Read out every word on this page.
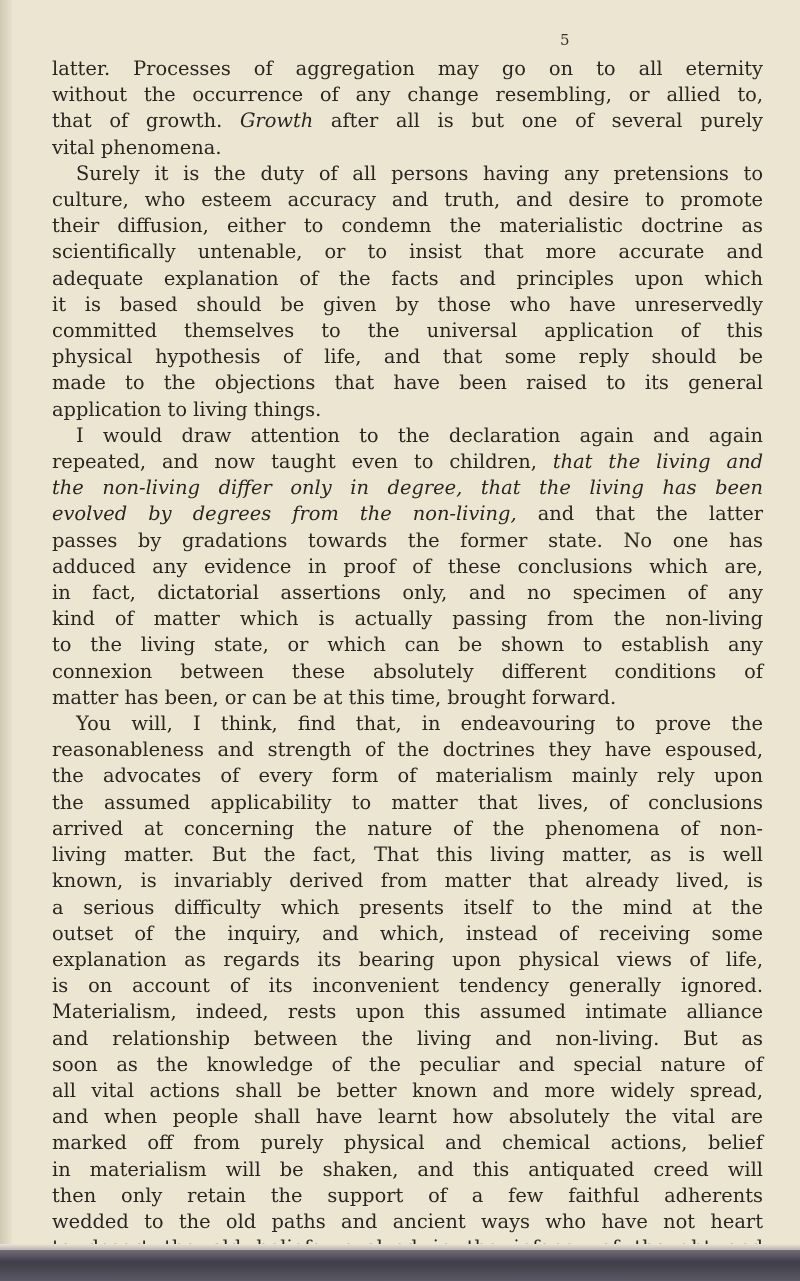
5
latter. Processes of aggregation may go on to all eternity
without the occurrence of any change resembling, or allied to,
that of growth. Growth after all is but one of several purely
vital phenomena.
Surely it is the duty of all persons having any pretensions to
culture, who esteem accuracy and truth, and desire to promote
their diffusion, either to condemn the materialistic doctrine as
scientifically untenable, or to insist that more accurate and
adequate explanation of the facts and principles upon which
it is based should be given by those who have unreservedly
committed themselves to the universal application of this
physical hypothesis of life, and that some reply should be
made to the objections that have been raised to its general
application to living things.
I would draw attention to the declaration again and again
repeated, and now taught even to children, that the living and
the non-living differ only in degree, that the living has been
evolved by degrees from the non-living, and that the latter
passes by gradations towards the former state. No one has
adduced any evidence in proof of these conclusions which are,
in fact, dictatorial assertions only, and no specimen of any
kind of matter which is actually passing from the non-living
to the living state, or which can be shown to establish any
connexion between these absolutely different conditions of
matter has been, or can be at this time, brought forward.
You will, I think, find that, in endeavouring to prove the
reasonableness and strength of the doctrines they have espoused,
the advocates of every form of materialism mainly rely upon
the assumed applicability to matter that lives, of conclusions
arrived at concerning the nature of the phenomena of non-
living matter. But the fact, That this living matter, as is well
known, is invariably derived from matter that already lived, is
a serious difficulty which presents itself to the mind at the
outset of the inquiry, and which, instead of receiving some
explanation as regards its bearing upon physical views of life,
is on account of its inconvenient tendency generally ignored.
Materialism, indeed, rests upon this assumed intimate alliance
and relationship between the living and non-living. But as
soon as the knowledge of the peculiar and special nature of
all vital actions shall be better known and more widely spread,
and when people shall have learnt how absolutely the vital are
marked off from purely physical and chemical actions, belief
in materialism will be shaken, and this antiquated creed will
then only retain the support of a few faithful adherents
wedded to the old paths and ancient ways who have not heart
